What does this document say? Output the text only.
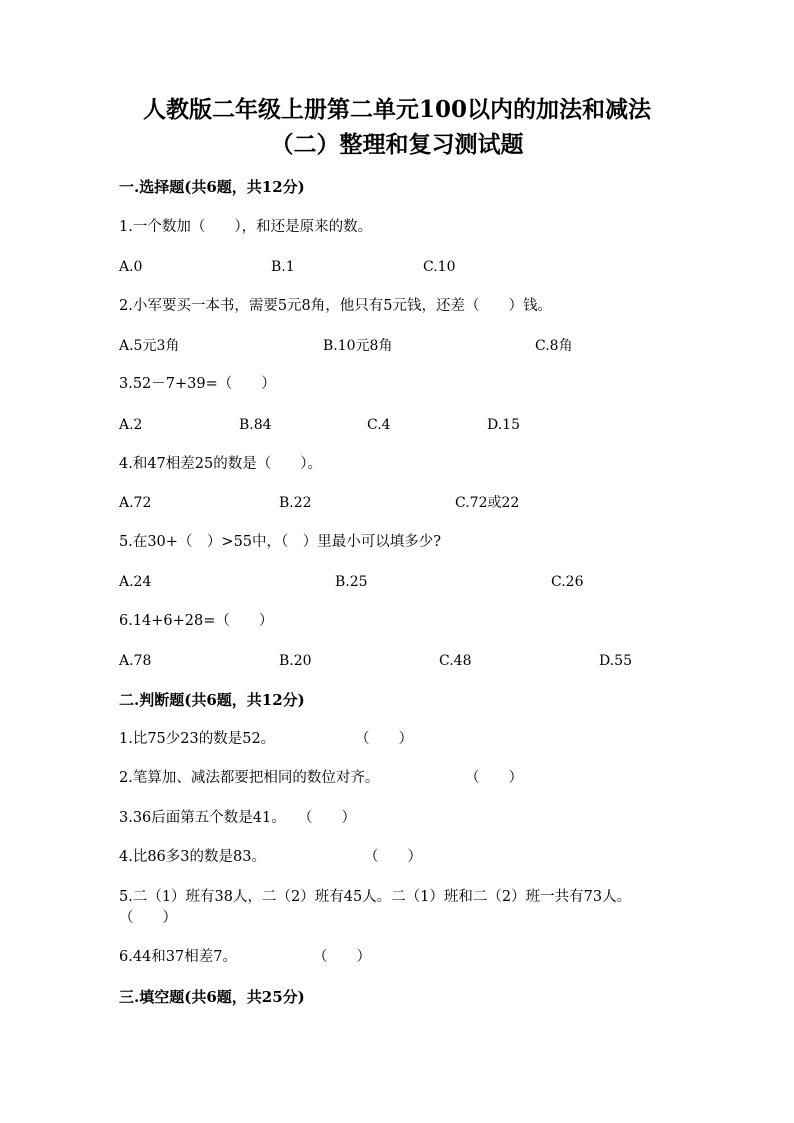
人教版二年级上册第二单元100以内的加法和减法
（二）整理和复习测试题
一.选择题(共6题，共12分)
1.一个数加（　　），和还是原来的数。
A.0	B.1	C.10
2.小军要买一本书，需要5元8角，他只有5元钱，还差（　　）钱。
A.5元3角	B.10元8角	C.8角
3.52－7+39=（　　）
A.2	B.84	C.4	D.15
4.和47相差25的数是（　　）。
A.72	B.22	C.72或22
5.在30+（　）>55中，（　）里最小可以填多少?
A.24	B.25	C.26
6.14+6+28=（　　）
A.78	B.20	C.48	D.55
二.判断题(共6题，共12分)
1.比75少23的数是52。	（　　）
2.笔算加、减法都要把相同的数位对齐。	（　　）
3.36后面第五个数是41。 （　　）
4.比86多3的数是83。	（　　）
5.二（1）班有38人，二（2）班有45人。二（1）班和二（2）班一共有73人。（　　）
6.44和37相差7。	（　　）
三.填空题(共6题，共25分)
